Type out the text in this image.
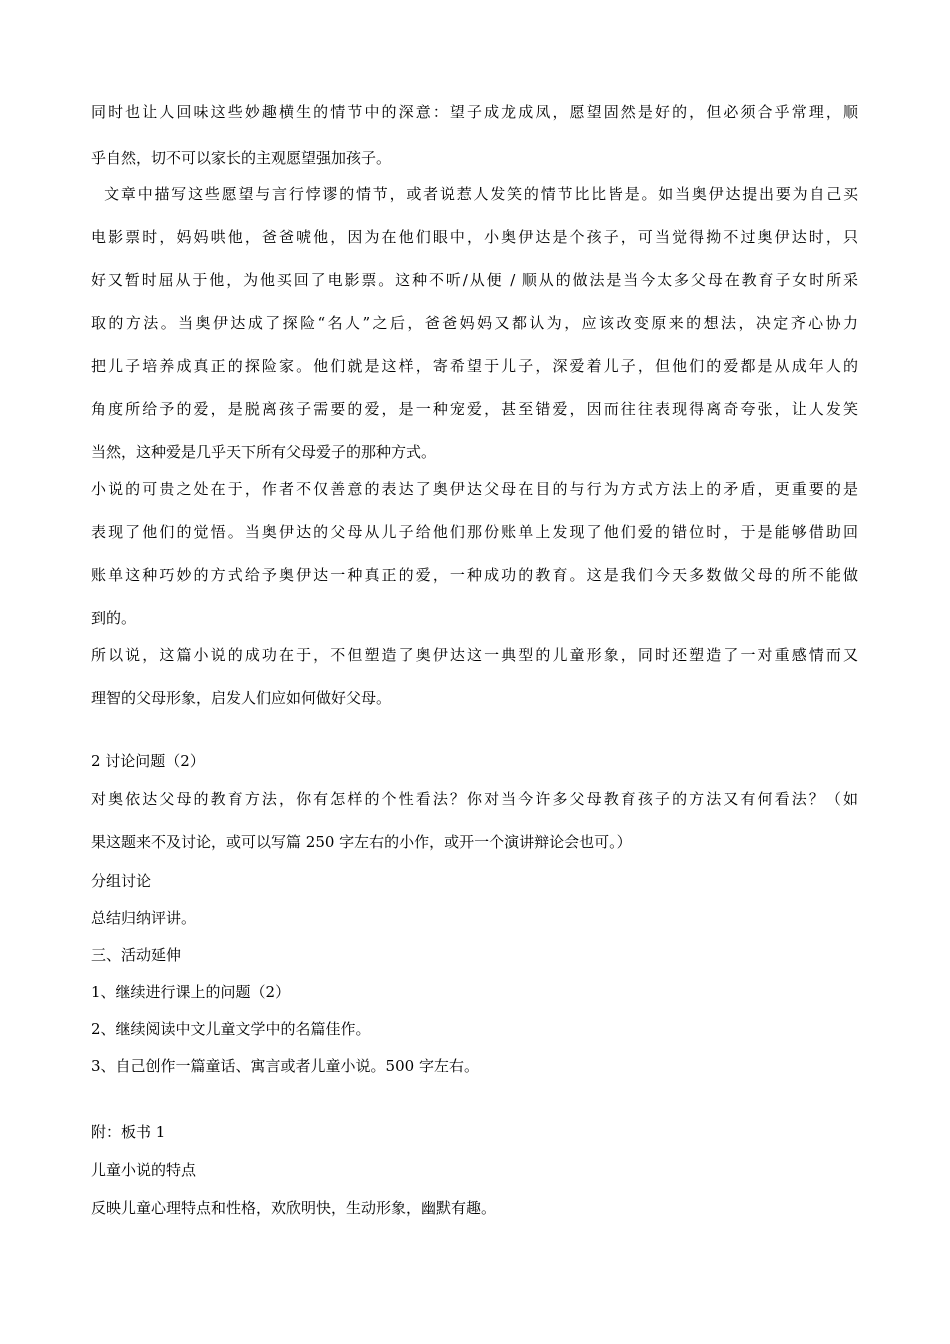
同时也让人回味这些妙趣横生的情节中的深意：望子成龙成凤，愿望固然是好的，但必须合乎常理，顺
乎自然，切不可以家长的主观愿望强加孩子。
文章中描写这些愿望与言行悖谬的情节，或者说惹人发笑的情节比比皆是。如当奥伊达提出要为自己买
电影票时，妈妈哄他，爸爸唬他，因为在他们眼中，小奥伊达是个孩子，可当觉得拗不过奥伊达时，只
好又暂时屈从于他，为他买回了电影票。这种不听/从便 / 顺从的做法是当今太多父母在教育子女时所采
取的方法。当奥伊达成了探险“名人”之后，爸爸妈妈又都认为，应该改变原来的想法，决定齐心协力
把儿子培养成真正的探险家。他们就是这样，寄希望于儿子，深爱着儿子，但他们的爱都是从成年人的
角度所给予的爱，是脱离孩子需要的爱，是一种宠爱，甚至错爱，因而往往表现得离奇夸张，让人发笑
当然，这种爱是几乎天下所有父母爱子的那种方式。
小说的可贵之处在于，作者不仅善意的表达了奥伊达父母在目的与行为方式方法上的矛盾，更重要的是
表现了他们的觉悟。当奥伊达的父母从儿子给他们那份账单上发现了他们爱的错位时，于是能够借助回
账单这种巧妙的方式给予奥伊达一种真正的爱，一种成功的教育。这是我们今天多数做父母的所不能做
到的。
所以说，这篇小说的成功在于，不但塑造了奥伊达这一典型的儿童形象，同时还塑造了一对重感情而又
理智的父母形象，启发人们应如何做好父母。
2 讨论问题（2）
对奥依达父母的教育方法，你有怎样的个性看法？你对当今许多父母教育孩子的方法又有何看法？（如
果这题来不及讨论，或可以写篇 250 字左右的小作，或开一个演讲辩论会也可。）
分组讨论
总结归纳评讲。
三、活动延伸
1、继续进行课上的问题（2）
2、继续阅读中文儿童文学中的名篇佳作。
3、自己创作一篇童话、寓言或者儿童小说。500 字左右。
附：板书 1
儿童小说的特点
反映儿童心理特点和性格，欢欣明快，生动形象，幽默有趣。
